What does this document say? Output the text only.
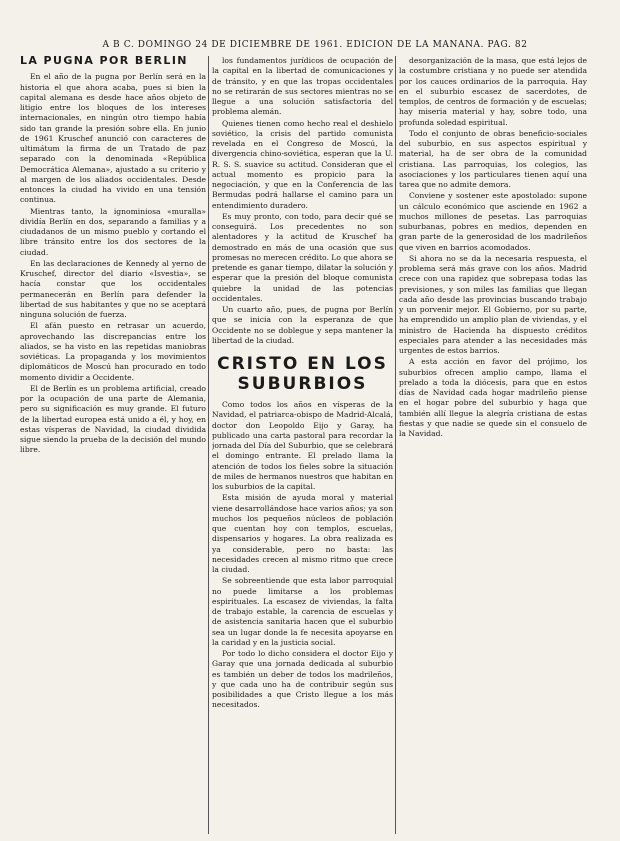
A B C. DOMINGO 24 DE DICIEMBRE DE 1961. EDICION DE LA MAÑANA. PAG. 82
LA PUGNA POR BERLIN

En el año de la pugna por Berlín será en la historia el que ahora acaba, pues si bien la capital alemana es desde hace años objeto de litigio entre los bloques de los intereses internacionales, en ningún otro tiempo había sido tan grande la presión sobre ella. En junio de 1961 Kruschef anunció con caracteres de ultimátum la firma de un Tratado de paz separado con la denominada «República Democrática Alemana», ajustado a su criterio y al margen de los aliados occidentales. Desde entonces la ciudad ha vivido en una tensión continua.

Mientras tanto, la ignominiosa «muralla» dividía Berlín en dos, separando a familias y a ciudadanos de un mismo pueblo y cortando el libre tránsito entre los dos sectores de la ciudad.

En las declaraciones de Kennedy al yerno de Kruschef, director del diario «Isvestia», se hacía constar que los occidentales permanecerán en Berlín para defender la libertad de sus habitantes y que no se aceptará ninguna solución de fuerza.

El afán puesto en retrasar un acuerdo, aprovechando las discrepancias entre los aliados, se ha visto en las repetidas maniobras soviéticas. La propaganda y los movimientos diplomáticos de Moscú han procurado en todo momento dividir a Occidente.

El de Berlín es un problema artificial, creado por la ocupación de una parte de Alemania, pero su significación es muy grande. El futuro de la libertad europea está unido a él, y hoy, en estas vísperas de Navidad, la ciudad dividida sigue siendo la prueba de la decisión del mundo libre.

los fundamentos jurídicos de ocupación de la capital en la libertad de comunicaciones y de tránsito, y en que las tropas occidentales no se retirarán de sus sectores mientras no se llegue a una solución satisfactoria del problema alemán.

Quienes tienen como hecho real el deshielo soviético, la crisis del partido comunista revelada en el Congreso de Moscú, la divergencia chino-soviética, esperan que la U. R. S. S. suavice su actitud. Consideran que el actual momento es propicio para la negociación, y que en la Conferencia de las Bermudas podrá hallarse el camino para un entendimiento duradero.

Es muy pronto, con todo, para decir qué se conseguirá. Los precedentes no son alentadores y la actitud de Kruschef ha demostrado en más de una ocasión que sus promesas no merecen crédito. Lo que ahora se pretende es ganar tiempo, dilatar la solución y esperar que la presión del bloque comunista quiebre la unidad de las potencias occidentales.

Un cuarto año, pues, de pugna por Berlín que se inicia con la esperanza de que Occidente no se doblegue y sepa mantener la libertad de la ciudad.

CRISTO EN LOS SUBURBIOS

Como todos los años en vísperas de la Navidad, el patriarca-obispo de Madrid-Alcalá, doctor don Leopoldo Eijo y Garay, ha publicado una carta pastoral para recordar la jornada del Día del Suburbio, que se celebrará el domingo entrante. El prelado llama la atención de todos los fieles sobre la situación de miles de hermanos nuestros que habitan en los suburbios de la capital.

Esta misión de ayuda moral y material viene desarrollándose hace varios años; ya son muchos los pequeños núcleos de población que cuentan hoy con templos, escuelas, dispensarios y hogares. La obra realizada es ya considerable, pero no basta: las necesidades crecen al mismo ritmo que crece la ciudad.

Se sobreentiende que esta labor parroquial no puede limitarse a los problemas espirituales. La escasez de viviendas, la falta de trabajo estable, la carencia de escuelas y de asistencia sanitaria hacen que el suburbio sea un lugar donde la fe necesita apoyarse en la caridad y en la justicia social.

Por todo lo dicho considera el doctor Eijo y Garay que una jornada dedicada al suburbio es también un deber de todos los madrileños, y que cada uno ha de contribuir según sus posibilidades a que Cristo llegue a los más necesitados.

desorganización de la masa, que está lejos de la costumbre cristiana y no puede ser atendida por los cauces ordinarios de la parroquia. Hay en el suburbio escasez de sacerdotes, de templos, de centros de formación y de escuelas; hay miseria material y hay, sobre todo, una profunda soledad espiritual.

Todo el conjunto de obras beneficio-sociales del suburbio, en sus aspectos espiritual y material, ha de ser obra de la comunidad cristiana. Las parroquias, los colegios, las asociaciones y los particulares tienen aquí una tarea que no admite demora.

Conviene y sostener este apostolado: supone un cálculo económico que asciende en 1962 a muchos millones de pesetas. Las parroquias suburbanas, pobres en medios, dependen en gran parte de la generosidad de los madrileños que viven en barrios acomodados.

Si ahora no se da la necesaria respuesta, el problema será más grave con los años. Madrid crece con una rapidez que sobrepasa todas las previsiones, y son miles las familias que llegan cada año desde las provincias buscando trabajo y un porvenir mejor. El Gobierno, por su parte, ha emprendido un amplio plan de viviendas, y el ministro de Hacienda ha dispuesto créditos especiales para atender a las necesidades más urgentes de estos barrios.

A esta acción en favor del prójimo, los suburbios ofrecen amplio campo, llama el prelado a toda la diócesis, para que en estos días de Navidad cada hogar madrileño piense en el hogar pobre del suburbio y haga que también allí llegue la alegría cristiana de estas fiestas y que nadie se quede sin el consuelo de la Navidad.
